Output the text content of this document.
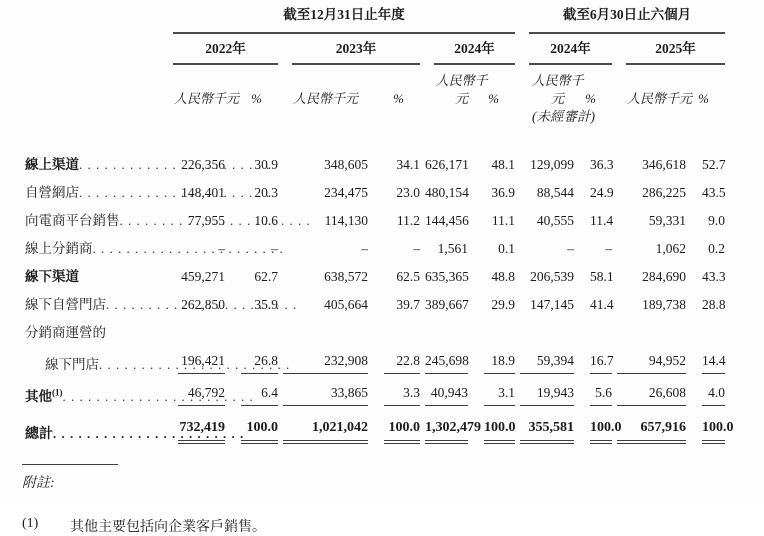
	截至12月31日止年度						截至6月30日止六個月			

	2022年		2023年		2024年		2024年		2025年	

	人民幣千元 %		人民幣千元 %		人民幣千元 %		人民幣千元 %		人民幣千元 %	

							(未經審計)			

線上渠道
. . .	226,356	30.9	348,605	34.1	626,171	48.1	129,099	36.3	346,618	52.7

自營網店
. . .	148,401	20.3	234,475	23.0	480,154	36.9	88,544	24.9	286,225	43.5

向電商平台銷售
. . .	77,955	10.6	114,130	11.2	144,456	11.1	40,555	11.4	59,331	9.0

線上分銷商
. . .	–	–	–	–	1,561	0.1	–	–	1,062	0.2

線下渠道	459,271	62.7	638,572	62.5	635,365	48.8	206,539	58.1	284,690	43.3

線下自營門店
. . .	262,850	35.9	405,664	39.7	389,667	29.9	147,145	41.4	189,738	28.8

分銷商運營的										

線下門店
. . .	196,421	26.8	232,908	22.8	245,698	18.9	59,394	16.7	94,952	14.4

其他$^{(1)}$
. . .	46,792	6.4	33,865	3.3	40,943	3.1	19,943	5.6	26,608	4.0

總計
. . .	732,419	100.0	1,021,042	100.0	1,302,479	100.0	355,581	100.0	657,916	100.0
附註:
(1)	其他主要包括向企業客戶銷售。
